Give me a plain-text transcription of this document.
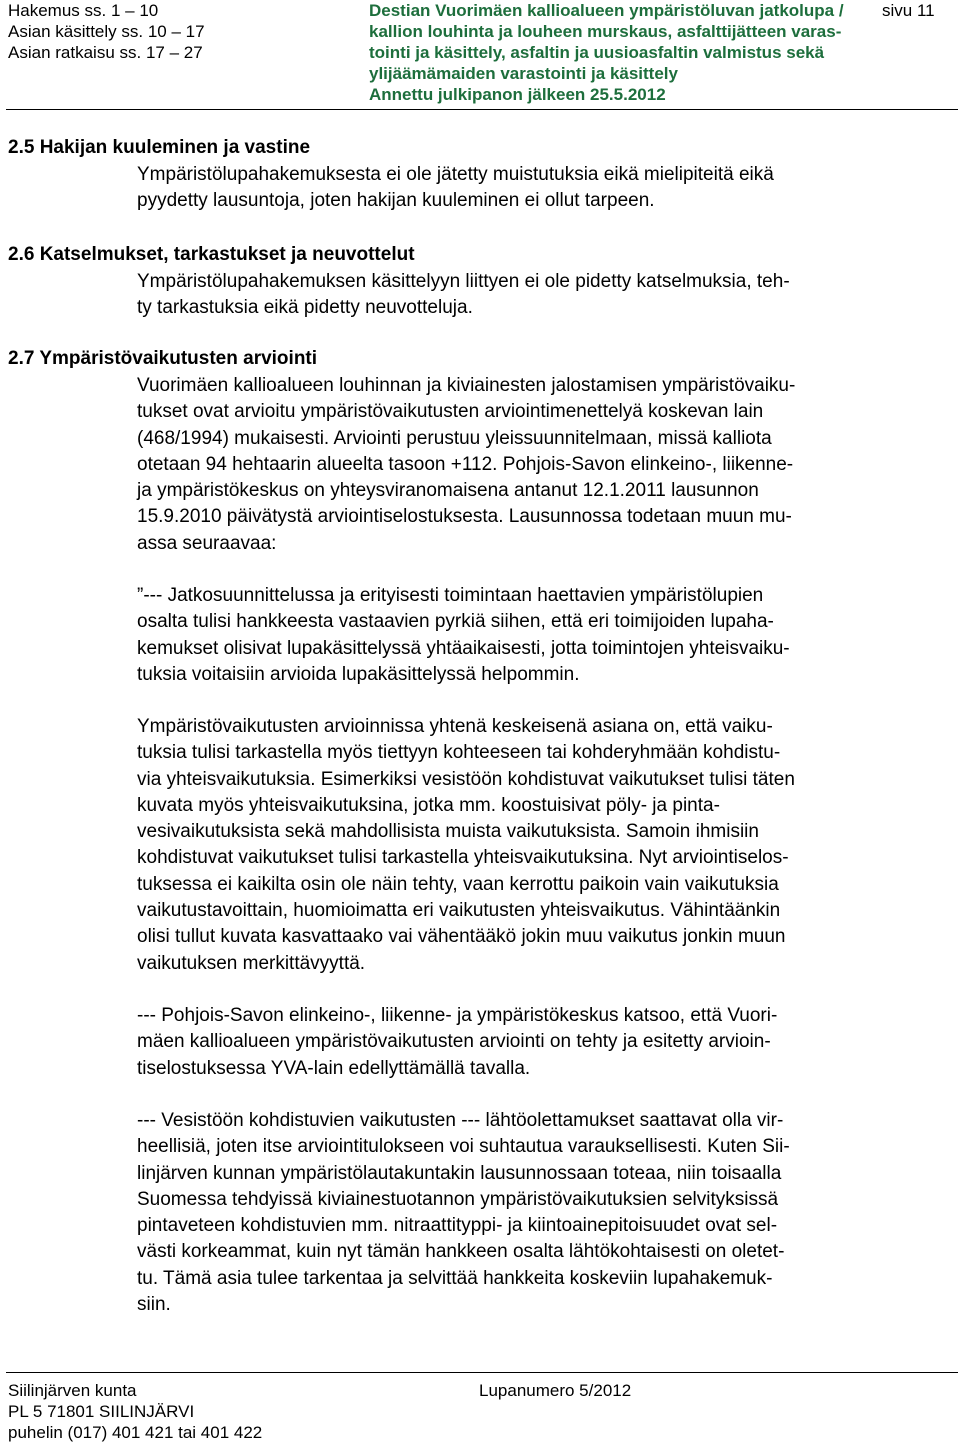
Hakemus ss. 1 – 10
Asian käsittely ss. 10 – 17
Asian ratkaisu ss. 17 – 27
Destian Vuorimäen kallioalueen ympäristöluvan jatkolupa /
kallion louhinta ja louheen murskaus, asfalttijätteen varas-
tointi ja käsittely, asfaltin ja uusioasfaltin valmistus sekä
ylijäämämaiden varastointi ja käsittely
Annettu julkipanon jälkeen 25.5.2012
sivu 11
2.5 Hakijan kuuleminen ja vastine
Ympäristölupahakemuksesta ei ole jätetty muistutuksia eikä mielipiteitä eikä
pyydetty lausuntoja, joten hakijan kuuleminen ei ollut tarpeen.
2.6 Katselmukset, tarkastukset ja neuvottelut
Ympäristölupahakemuksen käsittelyyn liittyen ei ole pidetty katselmuksia, teh-
ty tarkastuksia eikä pidetty neuvotteluja.
2.7 Ympäristövaikutusten arviointi
Vuorimäen kallioalueen louhinnan ja kiviainesten jalostamisen ympäristövaiku-
tukset ovat arvioitu ympäristövaikutusten arviointimenettelyä koskevan lain
(468/1994) mukaisesti. Arviointi perustuu yleissuunnitelmaan, missä kalliota
otetaan 94 hehtaarin alueelta tasoon +112. Pohjois-Savon elinkeino-, liikenne-
ja ympäristökeskus on yhteysviranomaisena antanut 12.1.2011 lausunnon
15.9.2010 päivätystä arviointiselostuksesta. Lausunnossa todetaan muun mu-
assa seuraavaa:
”--- Jatkosuunnittelussa ja erityisesti toimintaan haettavien ympäristölupien
osalta tulisi hankkeesta vastaavien pyrkiä siihen, että eri toimijoiden lupaha-
kemukset olisivat lupakäsittelyssä yhtäaikaisesti, jotta toimintojen yhteisvaiku-
tuksia voitaisiin arvioida lupakäsittelyssä helpommin.
Ympäristövaikutusten arvioinnissa yhtenä keskeisenä asiana on, että vaiku-
tuksia tulisi tarkastella myös tiettyyn kohteeseen tai kohderyhmään kohdistu-
via yhteisvaikutuksia. Esimerkiksi vesistöön kohdistuvat vaikutukset tulisi täten
kuvata myös yhteisvaikutuksina, jotka mm. koostuisivat pöly- ja pinta-
vesivaikutuksista sekä mahdollisista muista vaikutuksista. Samoin ihmisiin
kohdistuvat vaikutukset tulisi tarkastella yhteisvaikutuksina. Nyt arviointiselos-
tuksessa ei kaikilta osin ole näin tehty, vaan kerrottu paikoin vain vaikutuksia
vaikutustavoittain, huomioimatta eri vaikutusten yhteisvaikutus. Vähintäänkin
olisi tullut kuvata kasvattaako vai vähentääkö jokin muu vaikutus jonkin muun
vaikutuksen merkittävyyttä.
--- Pohjois-Savon elinkeino-, liikenne- ja ympäristökeskus katsoo, että Vuori-
mäen kallioalueen ympäristövaikutusten arviointi on tehty ja esitetty arvioin-
tiselostuksessa YVA-lain edellyttämällä tavalla.
--- Vesistöön kohdistuvien vaikutusten --- lähtöolettamukset saattavat olla vir-
heellisiä, joten itse arviointitulokseen voi suhtautua varauksellisesti. Kuten Sii-
linjärven kunnan ympäristölautakuntakin lausunnossaan toteaa, niin toisaalla
Suomessa tehdyissä kiviainestuotannon ympäristövaikutuksien selvityksissä
pintaveteen kohdistuvien mm. nitraattityppi- ja kiintoainepitoisuudet ovat sel-
västi korkeammat, kuin nyt tämän hankkeen osalta lähtökohtaisesti on oletet-
tu. Tämä asia tulee tarkentaa ja selvittää hankkeita koskeviin lupahakemuk-
siin.
Siilinjärven kunta
PL 5 71801 SIILINJÄRVI
puhelin (017) 401 421 tai 401 422
Lupanumero 5/2012
